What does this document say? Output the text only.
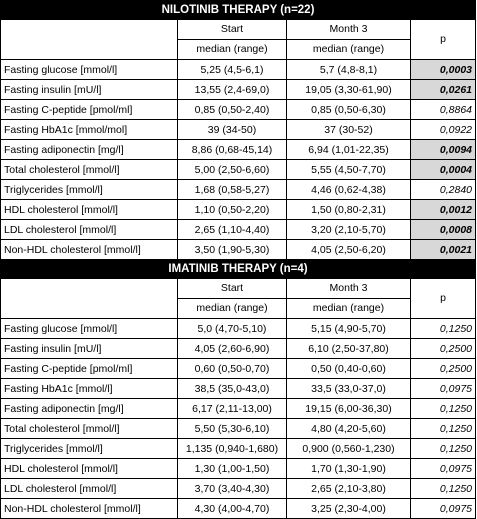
NILOTINIB THERAPY (n=22)			
	Start	Month 3	p
	median (range)	median (range)	
Fasting glucose [mmol/l]	5,25 (4,5-6,1)	5,7 (4,8-8,1)	0,0003
Fasting insulin [mU/l]	13,55 (2,4-69,0)	19,05 (3,30-61,90)	0,0261
Fasting C-peptide [pmol/ml]	0,85 (0,50-2,40)	0,85 (0,50-6,30)	0,8864
Fasting HbA1c [mmol/mol]	39 (34-50)	37 (30-52)	0,0922
Fasting adiponectin [mg/l]	8,86 (0,68-45,14)	6,94 (1,01-22,35)	0,0094
Total cholesterol [mmol/l]	5,00 (2,50-6,60)	5,55 (4,50-7,70)	0,0004
Triglycerides [mmol/l]	1,68 (0,58-5,27)	4,46 (0,62-4,38)	0,2840
HDL cholesterol [mmol/l]	1,10 (0,50-2,20)	1,50 (0,80-2,31)	0,0012
LDL cholesterol [mmol/l]	2,65 (1,10-4,40)	3,20 (2,10-5,70)	0,0008
Non-HDL cholesterol [mmol/l]	3,50 (1,90-5,30)	4,05 (2,50-6,20)	0,0021
IMATINIB THERAPY (n=4)			
	Start	Month 3	p
	median (range)	median (range)	
Fasting glucose [mmol/l]	5,0 (4,70-5,10)	5,15 (4,90-5,70)	0,1250
Fasting insulin [mU/l]	4,05 (2,60-6,90)	6,10 (2,50-37,80)	0,2500
Fasting C-peptide [pmol/ml]	0,60 (0,50-0,70)	0,50 (0,40-0,60)	0,2500
Fasting HbA1c [mmol/l]	38,5 (35,0-43,0)	33,5 (33,0-37,0)	0,0975
Fasting adiponectin [mg/l]	6,17 (2,11-13,00)	19,15 (6,00-36,30)	0,1250
Total cholesterol [mmol/l]	5,50 (5,30-6,10)	4,80 (4,20-5,60)	0,1250
Triglycerides [mmol/l]	1,135 (0,940-1,680)	0,900 (0,560-1,230)	0,1250
HDL cholesterol [mmol/l]	1,30 (1,00-1,50)	1,70 (1,30-1,90)	0,0975
LDL cholesterol [mmol/l]	3,70 (3,40-4,30)	2,65 (2,10-3,80)	0,1250
Non-HDL cholesterol [mmol/l]	4,30 (4,00-4,70)	3,25 (2,30-4,00)	0,0975
